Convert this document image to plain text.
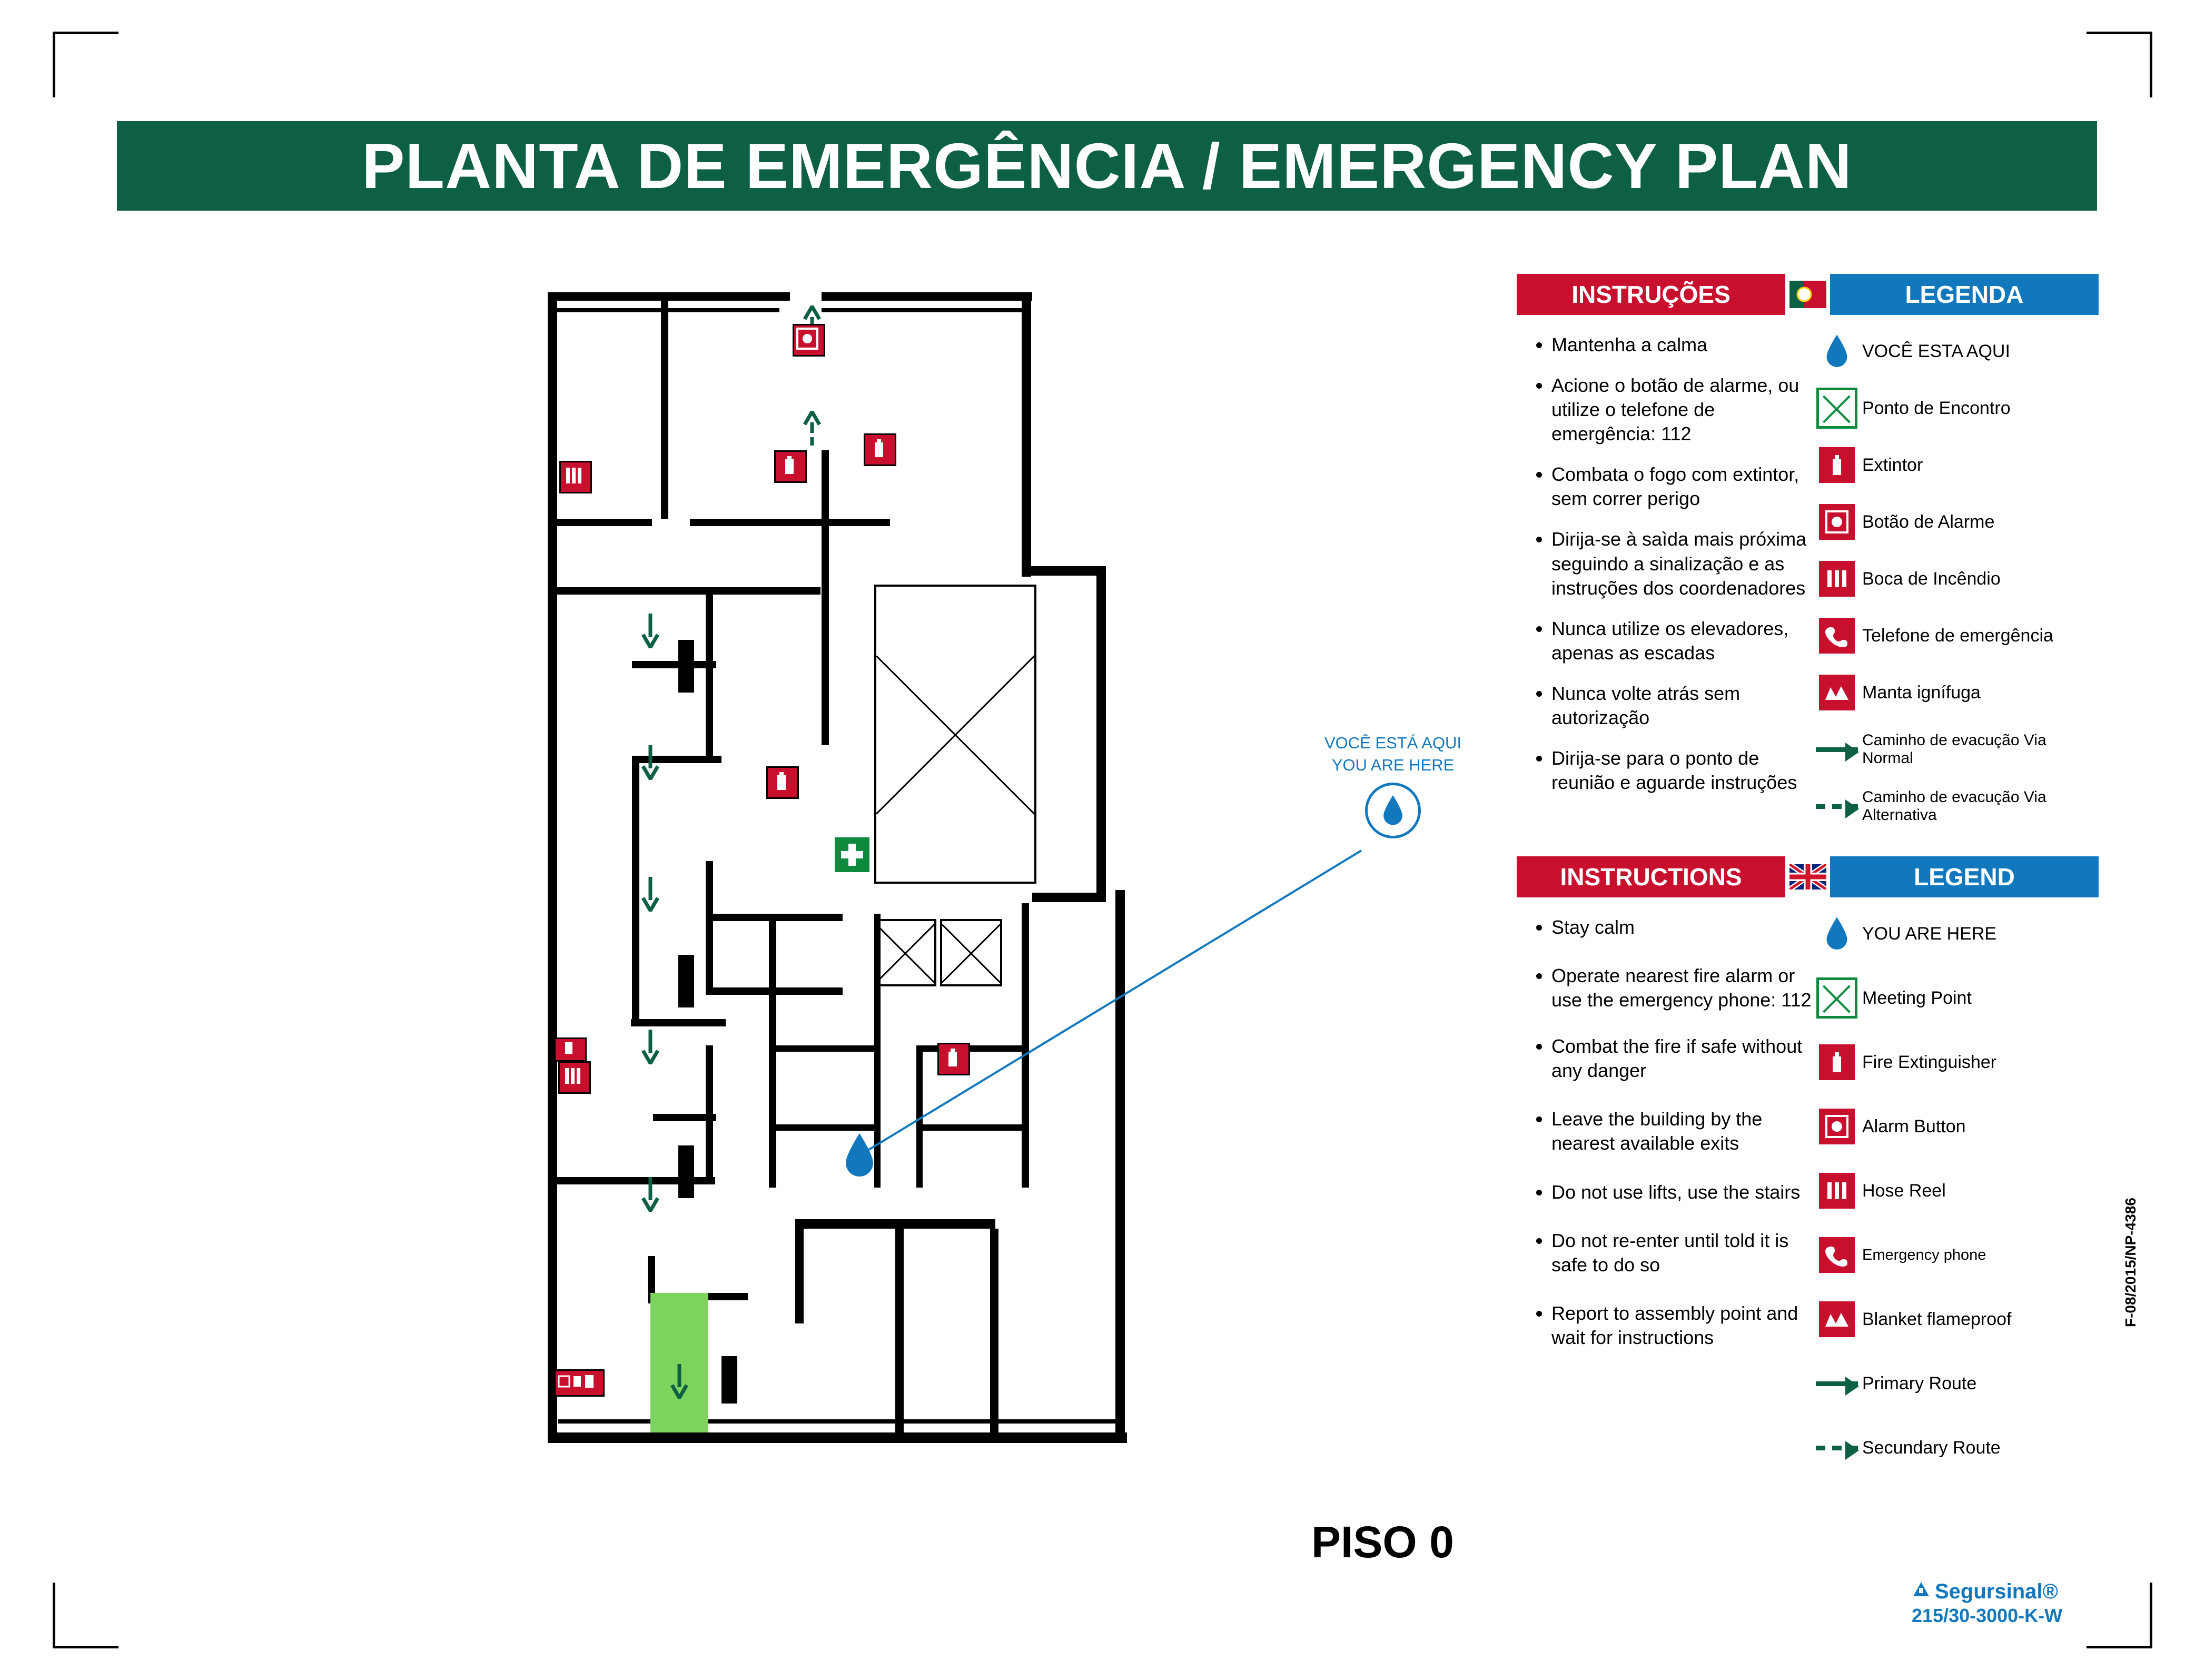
PLANTA DE EMERGÊNCIA / EMERGENCY PLAN
VOCÊ ESTÁ AQUI
YOU ARE HERE
INSTRUÇÕES	LEGENDA
• Mantenha a calma
• Acione o botão de alarme, ou utilize o telefone de emergência: 112
• Combata o fogo com extintor, sem correr perigo
• Dirija-se à saìda mais próxima seguindo a sinalização e as instruções dos coordenadores
• Nunca utilize os elevadores, apenas as escadas
• Nunca volte atrás sem autorização
• Dirija-se para o ponto de reunião e aguarde instruções
VOCÊ ESTA AQUI
Ponto de Encontro
Extintor
Botão de Alarme
Boca de Incêndio
Telefone de emergência
Manta ignífuga
Caminho de evacução Via Normal
Caminho de evacução Via Alternativa
INSTRUCTIONS	LEGEND
• Stay calm
• Operate nearest fire alarm or use the emergency phone: 112
• Combat the fire if safe without any danger
• Leave the building by the nearest available exits
• Do not use lifts, use the stairs
• Do not re-enter until told it is safe to do so
• Report to assembly point and wait for instructions
YOU ARE HERE
Meeting Point
Fire Extinguisher
Alarm Button
Hose Reel
Emergency phone
Blanket flameproof
Primary Route
Secundary Route
PISO 0
F-08/2015/NP-4386
Segursinal®
215/30-3000-K-W
